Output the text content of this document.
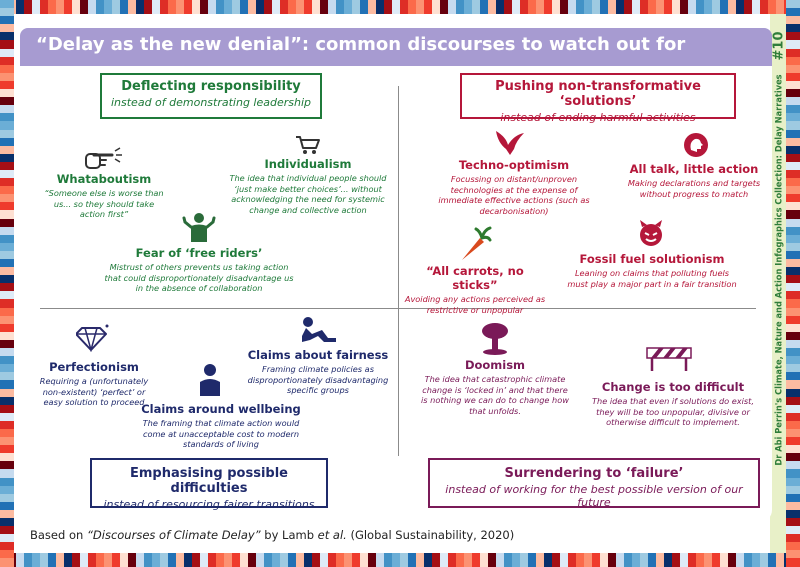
#10
Dr Abi Perrin's Climate, Nature and Action Infographics Collection: Delay Narratives
“Delay as the new denial”: common discourses to watch out for
Deflecting responsibility
instead of demonstrating leadership
Whataboutism
“Someone else is worse than us... so they should take action first”
Individualism
The idea that individual people should ‘just make better choices’... without acknowledging the need for systemic change and collective action
Fear of ‘free riders’
Mistrust of others prevents us taking action that could disproportionately disadvantage us in the absence of collaboration
Pushing non-transformative ‘solutions’
instead of ending harmful activities
Techno-optimism
Focussing on distant/unproven technologies at the expense of immediate effective actions (such as decarbonisation)
All talk, little action
Making declarations and targets without progress to match
“All carrots, no sticks”
Avoiding any actions perceived as restrictive or unpopular
Fossil fuel solutionism
Leaning on claims that polluting fuels must play a major part in a fair transition
Perfectionism
Requiring a (unfortunately non-existent) ‘perfect’ or easy solution to proceed
Claims about fairness
Framing climate policies as disproportionately disadvantaging specific groups
Claims around wellbeing
The framing that climate action would come at unacceptable cost to modern standards of living
Emphasising possible difficulties
instead of resourcing fairer transitions
Doomism
The idea that catastrophic climate change is ‘locked in’ and that there is nothing we can do to change how that unfolds.
Change is too difficult
The idea that even if solutions do exist, they will be too unpopular, divisive or otherwise difficult to implement.
Surrendering to ‘failure’
instead of working for the best possible version of our future
Based on “Discourses of Climate Delay” by Lamb et al. (Global Sustainability, 2020)
